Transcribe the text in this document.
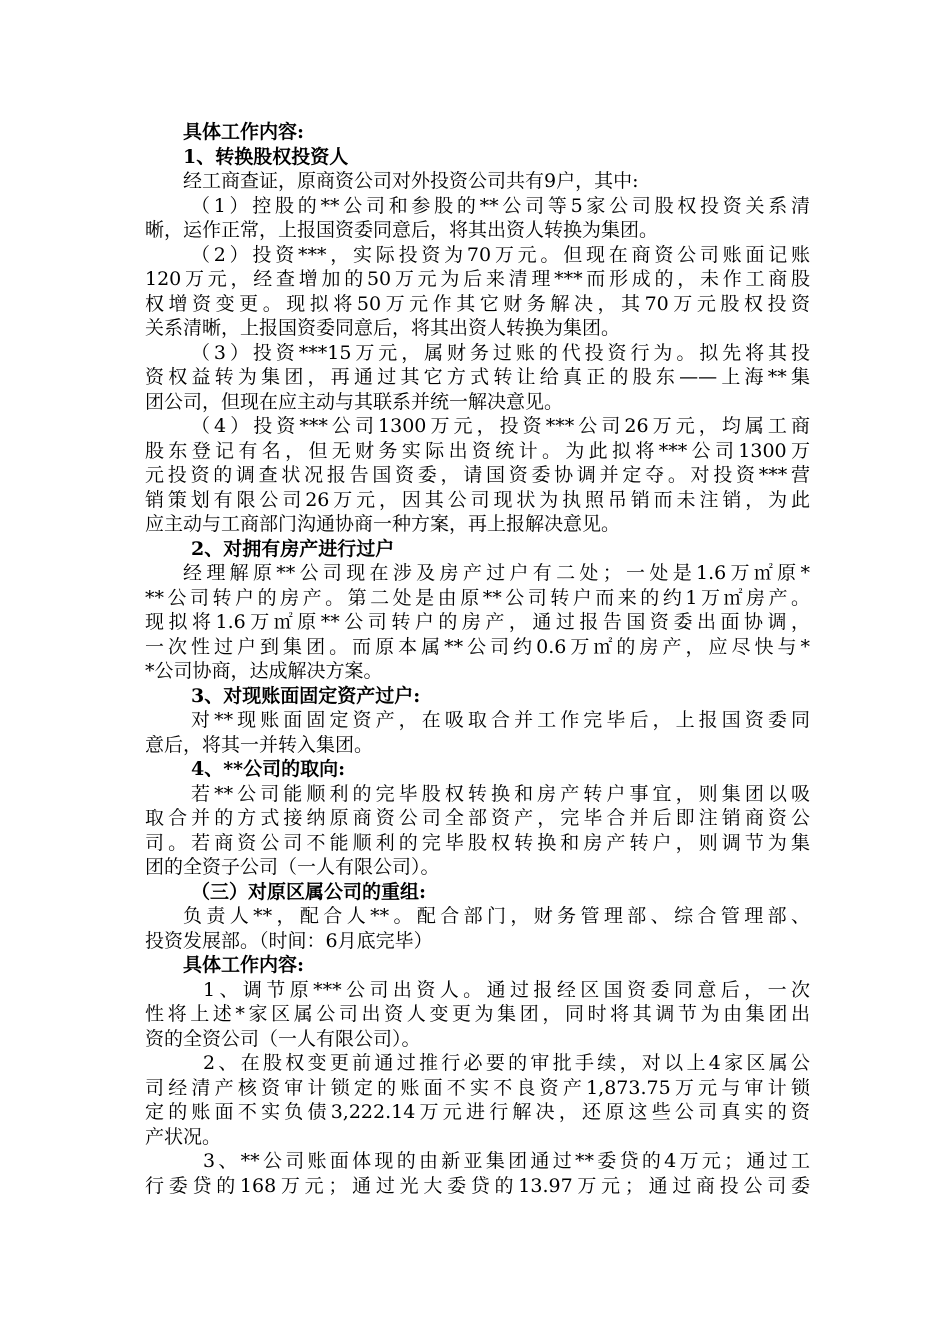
具体工作内容:
1、转换股权投资人
经工商查证，原商资公司对外投资公司共有9户，其中:
（1）控股的**公司和参股的**公司等5家公司股权投资关系清
晰，运作正常，上报国资委同意后，将其出资人转换为集团。
（2）投资***，实际投资为70万元。但现在商资公司账面记账
120万元，经查增加的50万元为后来清理***而形成的，未作工商股
权增资变更。现拟将50万元作其它财务解决，其70万元股权投资
关系清晰，上报国资委同意后，将其出资人转换为集团。
（3）投资***15万元，属财务过账的代投资行为。拟先将其投
资权益转为集团，再通过其它方式转让给真正的股东——上海**集
团公司，但现在应主动与其联系并统一解决意见。
（4）投资***公司1300万元，投资***公司26万元，均属工商
股东登记有名，但无财务实际出资统计。为此拟将***公司1300万
元投资的调查状况报告国资委，请国资委协调并定夺。对投资***营
销策划有限公司26万元，因其公司现状为执照吊销而未注销，为此
应主动与工商部门沟通协商一种方案，再上报解决意见。
2、对拥有房产进行过户
经理解原**公司现在涉及房产过户有二处；一处是1.6万㎡原*
**公司转户的房产。第二处是由原**公司转户而来的约1万㎡房产。
现拟将1.6万㎡原**公司转户的房产，通过报告国资委出面协调，
一次性过户到集团。而原本属**公司约0.6万㎡的房产，应尽快与*
*公司协商，达成解决方案。
3、对现账面固定资产过户:
对**现账面固定资产，在吸取合并工作完毕后，上报国资委同
意后，将其一并转入集团。
4、**公司的取向:
若**公司能顺利的完毕股权转换和房产转户事宜，则集团以吸
取合并的方式接纳原商资公司全部资产，完毕合并后即注销商资公
司。若商资公司不能顺利的完毕股权转换和房产转户，则调节为集
团的全资子公司（一人有限公司）。
（三）对原区属公司的重组:
负责人**，配合人**。配合部门，财务管理部、综合管理部、
投资发展部。（时间：6月底完毕）
具体工作内容:
1、调节原***公司出资人。通过报经区国资委同意后，一次
性将上述*家区属公司出资人变更为集团，同时将其调节为由集团出
资的全资公司（一人有限公司）。
2、在股权变更前通过推行必要的审批手续，对以上4家区属公
司经清产核资审计锁定的账面不实不良资产1,873.75万元与审计锁
定的账面不实负债3,222.14万元进行解决，还原这些公司真实的资
产状况。
3、**公司账面体现的由新亚集团通过**委贷的4万元；通过工
行委贷的168万元；通过光大委贷的13.97万元；通过商投公司委
